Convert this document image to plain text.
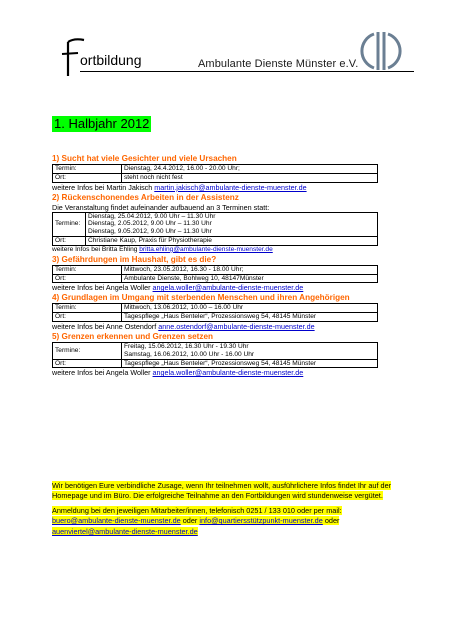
ortbildung	Ambulante Dienste Münster e.V.
1. Halbjahr 2012

1) Sucht hat viele Gesichter und viele Ursachen

Termin:	Dienstag, 24.4.2012, 16.00 - 20.00 Uhr;
Ort:	steht noch nicht fest
weitere Infos bei Martin Jakisch martin.jakisch@ambulante-dienste-muenster.de

2) Rückenschonendes Arbeiten in der Assistenz

Die Veranstaltung findet aufeinander aufbauend an 3 Terminen statt:
Termine:	Dienstag, 25.04.2012, 9.00 Uhr – 11.30 Uhr
Dienstag, 2.05.2012, 9.00 Uhr – 11.30 Uhr
Dienstag, 9.05.2012, 9.00 Uhr – 11.30 Uhr

Ort:	Christiane Kaup, Praxis für Physiotherapie
weitere Infos bei Britta Ehling britta.ehling@ambulante-dienste-muenster.de

3) Gefährdungen im Haushalt, gibt es die?

Termin:	Mittwoch, 23.05.2012, 16.30 - 18.00 Uhr;
Ort:	Ambulante Dienste, Bohlweg 10, 48147Münster
weitere Infos bei Angela Woller angela.woller@ambulante-dienste-muenster.de

4) Grundlagen im Umgang mit sterbenden Menschen und ihren Angehörigen

Termin:	Mittwoch, 13.06.2012, 10.00 – 16.00 Uhr
Ort:	Tagespflege „Haus Benteler“, Prozessionsweg 54, 48145 Münster
weitere Infos bei Anne Ostendorf anne.ostendorf@ambulante-dienste-muenster.de

5) Grenzen erkennen und Grenzen setzen

Termine:	Freitag, 15.06.2012, 16.30 Uhr - 19.30 Uhr
Samstag, 16.06.2012, 10.00 Uhr - 16.00 Uhr

Ort:	Tagespflege „Haus Benteler“, Prozessionsweg 54, 48145 Münster
weitere Infos bei Angela Woller angela.woller@ambulante-dienste-muenster.de

Wir benötigen Eure verbindliche Zusage, wenn Ihr teilnehmen wollt, ausführlichere Infos findet Ihr auf der Homepage und im Büro. Die erfolgreiche Teilnahme an den Fortbildungen wird stundenweise vergütet.

Anmeldung bei den jeweiligen Mitarbeiter/innen, telefonisch 0251 / 133 010 oder per mail: buero@ambulante-dienste-muenster.de oder info@quartiersstützpunkt-muenster.de oder auenviertel@ambulante-dienste-muenster.de
